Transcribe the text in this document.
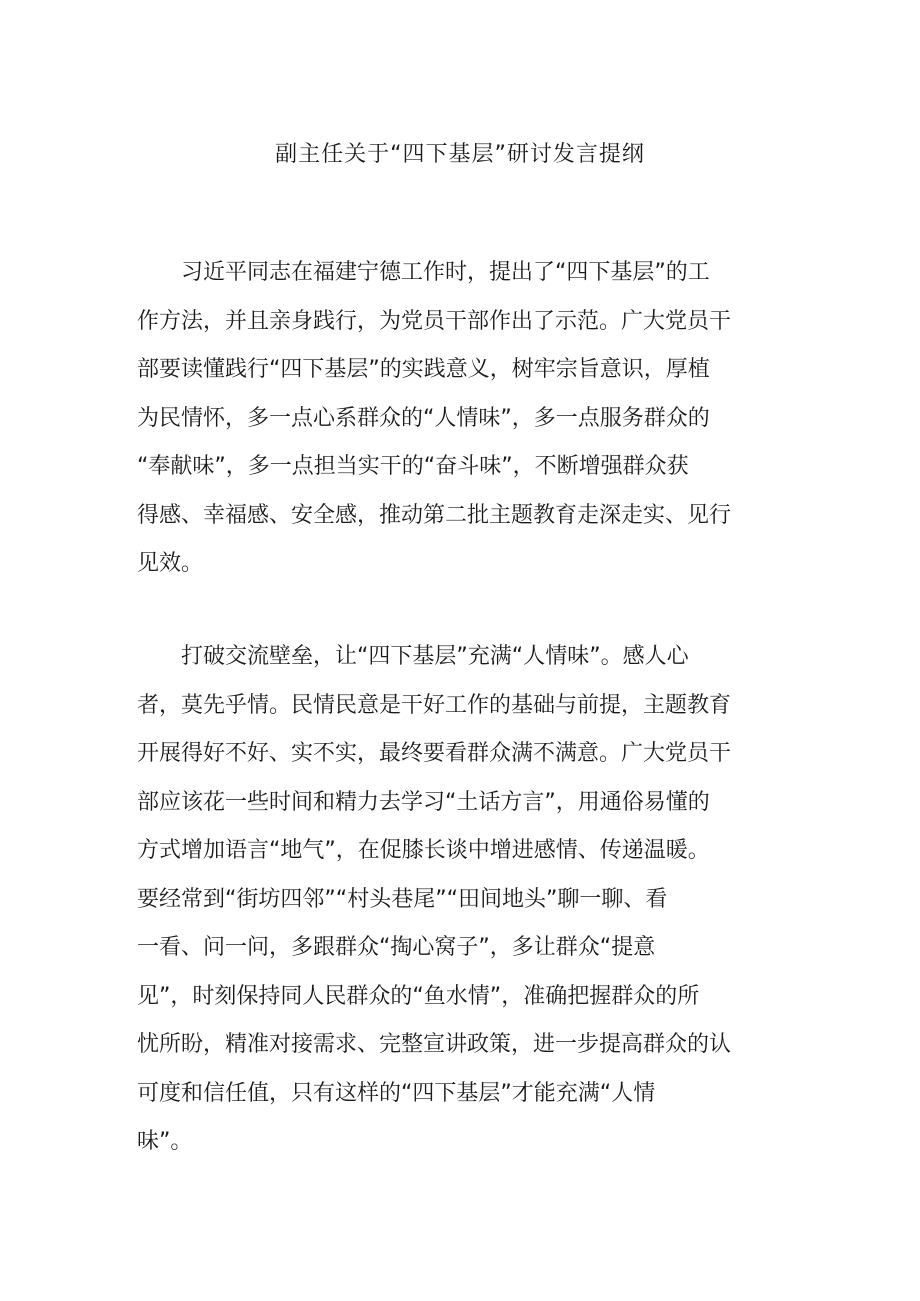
副主任关于“四下基层”研讨发言提纲

习近平同志在福建宁德工作时，提出了“四下基层”的工
作方法，并且亲身践行，为党员干部作出了示范。广大党员干
部要读懂践行“四下基层”的实践意义，树牢宗旨意识，厚植
为民情怀，多一点心系群众的“人情味”，多一点服务群众的
“奉献味”，多一点担当实干的“奋斗味”，不断增强群众获
得感、幸福感、安全感，推动第二批主题教育走深走实、见行
见效。

打破交流壁垒，让“四下基层”充满“人情味”。感人心
者，莫先乎情。民情民意是干好工作的基础与前提，主题教育
开展得好不好、实不实，最终要看群众满不满意。广大党员干
部应该花一些时间和精力去学习“土话方言”，用通俗易懂的
方式增加语言“地气”，在促膝长谈中增进感情、传递温暖。
要经常到“街坊四邻”“村头巷尾”“田间地头”聊一聊、看
一看、问一问，多跟群众“掏心窝子”，多让群众“提意
见”，时刻保持同人民群众的“鱼水情”，准确把握群众的所
忧所盼，精准对接需求、完整宣讲政策，进一步提高群众的认
可度和信任值，只有这样的“四下基层”才能充满“人情
味”。
